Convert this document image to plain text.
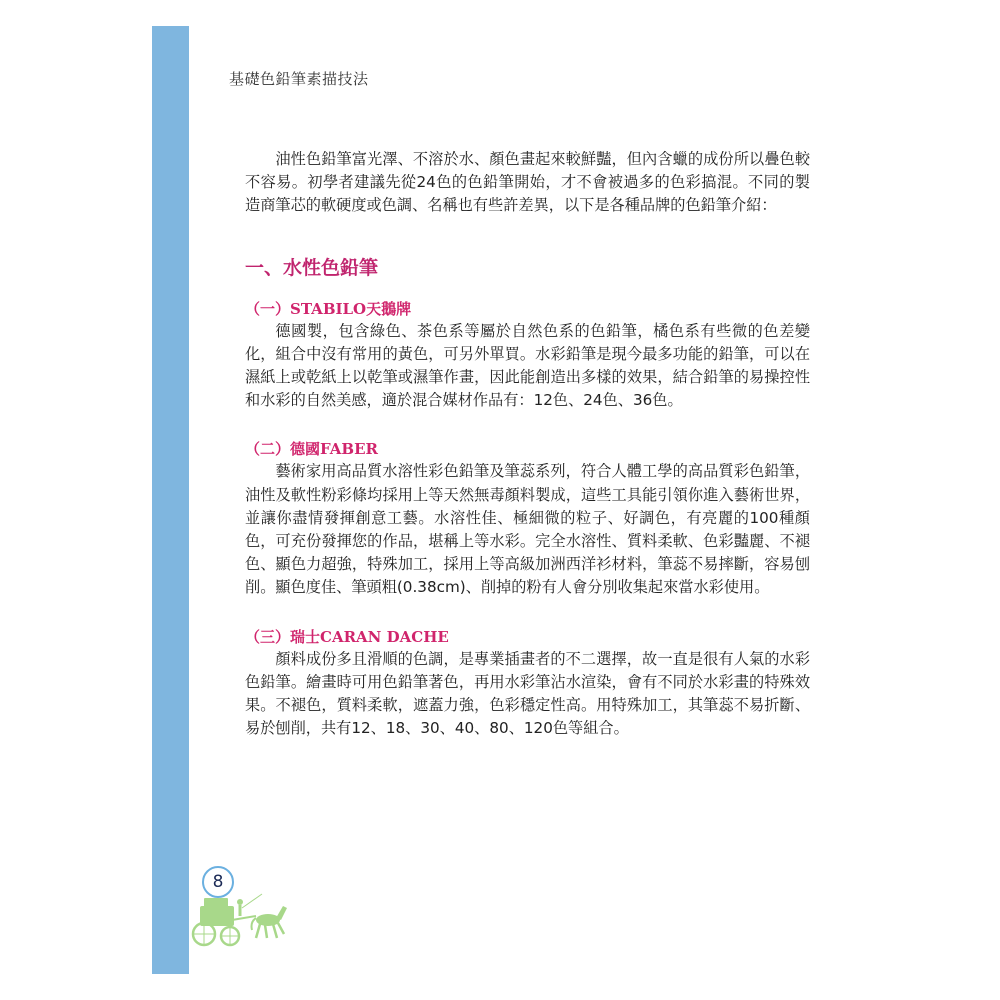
基礎色鉛筆素描技法

油性色鉛筆富光澤、不溶於水、顏色畫起來較鮮豔，但內含蠟的成份所以疊色較不容易。初學者建議先從24色的色鉛筆開始，才不會被過多的色彩搞混。不同的製造商筆芯的軟硬度或色調、名稱也有些許差異，以下是各種品牌的色鉛筆介紹：

一、水性色鉛筆
（一）STABILO天鵝牌

德國製，包含綠色、茶色系等屬於自然色系的色鉛筆，橘色系有些微的色差變化，組合中沒有常用的黃色，可另外單買。水彩鉛筆是現今最多功能的鉛筆，可以在濕紙上或乾紙上以乾筆或濕筆作畫，因此能創造出多樣的效果，結合鉛筆的易操控性和水彩的自然美感，適於混合媒材作品有：12色、24色、36色。

（二）德國FABER

藝術家用高品質水溶性彩色鉛筆及筆蕊系列，符合人體工學的高品質彩色鉛筆，油性及軟性粉彩條均採用上等天然無毒顏料製成，這些工具能引領你進入藝術世界，並讓你盡情發揮創意工藝。水溶性佳、極細微的粒子、好調色，有亮麗的100種顏色，可充份發揮您的作品，堪稱上等水彩。完全水溶性、質料柔軟、色彩豔麗、不褪色、顯色力超強，特殊加工，採用上等高級加洲西洋衫材料，筆蕊不易摔斷，容易刨削。顯色度佳、筆頭粗(0.38cm)、削掉的粉有人會分別收集起來當水彩使用。

（三）瑞士CARAN DACHE

顏料成份多且滑順的色調，是專業插畫者的不二選擇，故一直是很有人氣的水彩色鉛筆。繪畫時可用色鉛筆著色，再用水彩筆沾水渲染，會有不同於水彩畫的特殊效果。不褪色，質料柔軟，遮蓋力強，色彩穩定性高。用特殊加工，其筆蕊不易折斷、易於刨削，共有12、18、30、40、80、120色等組合。

8
